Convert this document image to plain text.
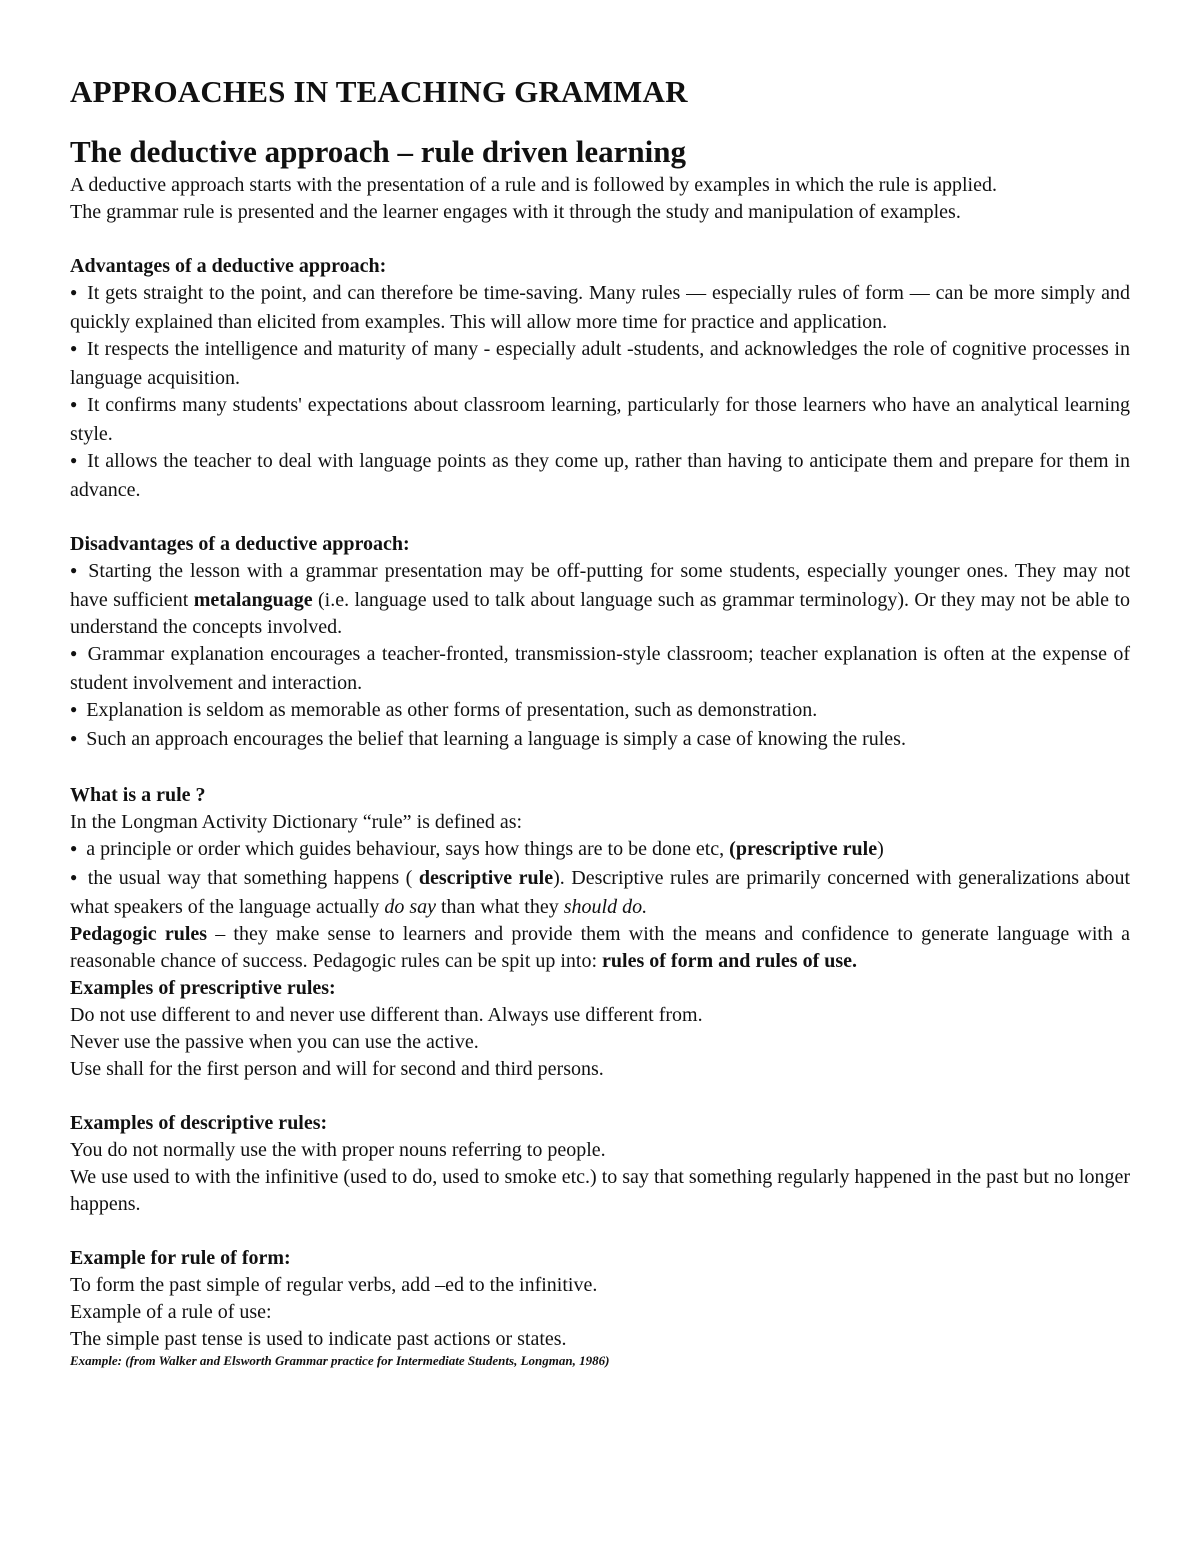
APPROACHES IN TEACHING GRAMMAR
The deductive approach – rule driven learning

A deductive approach starts with the presentation of a rule and is followed by examples in which the rule is applied.

The grammar rule is presented and the learner engages with it through the study and manipulation of examples.

Advantages of a deductive approach:

● It gets straight to the point, and can therefore be time-saving. Many rules — especially rules of form — can be more simply and quickly explained than elicited from examples. This will allow more time for practice and application.

● It respects the intelligence and maturity of many - especially adult -students, and acknowledges the role of cognitive processes in language acquisition.

● It confirms many students' expectations about classroom learning, particularly for those learners who have an analytical learning style.

● It allows the teacher to deal with language points as they come up, rather than having to anticipate them and prepare for them in advance.

Disadvantages of a deductive approach:

● Starting the lesson with a grammar presentation may be off-putting for some students, especially younger ones. They may not have sufficient metalanguage (i.e. language used to talk about language such as grammar terminology). Or they may not be able to understand the concepts involved.

● Grammar explanation encourages a teacher-fronted, transmission-style classroom; teacher explanation is often at the expense of student involvement and interaction.

● Explanation is seldom as memorable as other forms of presentation, such as demonstration.

● Such an approach encourages the belief that learning a language is simply a case of knowing the rules.

What is a rule ?

In the Longman Activity Dictionary “rule” is defined as:

● a principle or order which guides behaviour, says how things are to be done etc, (prescriptive rule)

● the usual way that something happens ( descriptive rule). Descriptive rules are primarily concerned with generalizations about what speakers of the language actually do say than what they should do.

Pedagogic rules – they make sense to learners and provide them with the means and confidence to generate language with a reasonable chance of success. Pedagogic rules can be spit up into: rules of form and rules of use.

Examples of prescriptive rules:

Do not use different to and never use different than. Always use different from.

Never use the passive when you can use the active.

Use shall for the first person and will for second and third persons.

Examples of descriptive rules:

You do not normally use the with proper nouns referring to people.

We use used to with the infinitive (used to do, used to smoke etc.) to say that something regularly happened in the past but no longer happens.

Example for rule of form:

To form the past simple of regular verbs, add –ed to the infinitive.

Example of a rule of use:

The simple past tense is used to indicate past actions or states.

Example: (from Walker and Elsworth Grammar practice for Intermediate Students, Longman, 1986)
